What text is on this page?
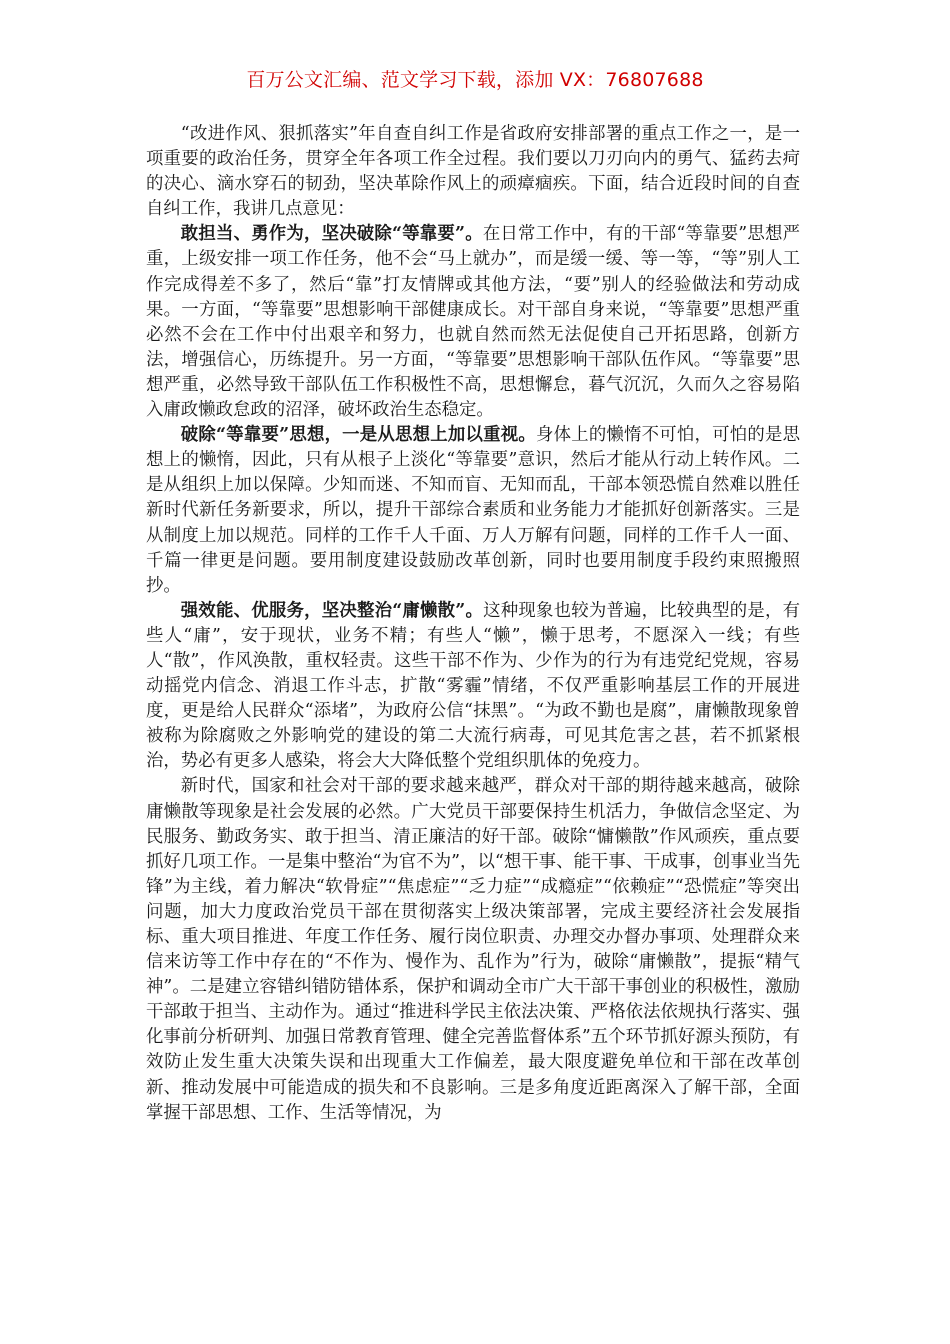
百万公文汇编、范文学习下载，添加 VX：76807688

“改进作风、狠抓落实”年自查自纠工作是省政府安排部署的重点工作之一，是一项重要的政治任务，贯穿全年各项工作全过程。我们要以刀刃向内的勇气、猛药去疴的决心、滴水穿石的韧劲，坚决革除作风上的顽瘴痼疾。下面，结合近段时间的自查自纠工作，我讲几点意见：

敢担当、勇作为，坚决破除“等靠要”。在日常工作中，有的干部“等靠要”思想严重，上级安排一项工作任务，他不会“马上就办”，而是缓一缓、等一等，“等”别人工作完成得差不多了，然后“靠”打友情牌或其他方法，“要”别人的经验做法和劳动成果。一方面，“等靠要”思想影响干部健康成长。对干部自身来说，“等靠要”思想严重必然不会在工作中付出艰辛和努力，也就自然而然无法促使自己开拓思路，创新方法，增强信心，历练提升。另一方面，“等靠要”思想影响干部队伍作风。“等靠要”思想严重，必然导致干部队伍工作积极性不高，思想懈怠，暮气沉沉，久而久之容易陷入庸政懒政怠政的沼泽，破坏政治生态稳定。

破除“等靠要”思想，一是从思想上加以重视。身体上的懒惰不可怕，可怕的是思想上的懒惰，因此，只有从根子上淡化“等靠要”意识，然后才能从行动上转作风。二是从组织上加以保障。少知而迷、不知而盲、无知而乱，干部本领恐慌自然难以胜任新时代新任务新要求，所以，提升干部综合素质和业务能力才能抓好创新落实。三是从制度上加以规范。同样的工作千人千面、万人万解有问题，同样的工作千人一面、千篇一律更是问题。要用制度建设鼓励改革创新，同时也要用制度手段约束照搬照抄。

强效能、优服务，坚决整治“庸懒散”。这种现象也较为普遍，比较典型的是，有些人“庸”，安于现状，业务不精；有些人“懒”，懒于思考，不愿深入一线；有些人“散”，作风涣散，重权轻责。这些干部不作为、少作为的行为有违党纪党规，容易动摇党内信念、消退工作斗志，扩散“雾霾”情绪，不仅严重影响基层工作的开展进度，更是给人民群众“添堵”，为政府公信“抹黑”。“为政不勤也是腐”，庸懒散现象曾被称为除腐败之外影响党的建设的第二大流行病毒，可见其危害之甚，若不抓紧根治，势必有更多人感染，将会大大降低整个党组织肌体的免疫力。

新时代，国家和社会对干部的要求越来越严，群众对干部的期待越来越高，破除庸懒散等现象是社会发展的必然。广大党员干部要保持生机活力，争做信念坚定、为民服务、勤政务实、敢于担当、清正廉洁的好干部。破除“慵懒散”作风顽疾，重点要抓好几项工作。一是集中整治“为官不为”，以“想干事、能干事、干成事，创事业当先锋”为主线，着力解决“软骨症”“焦虑症”“乏力症”“成瘾症”“依赖症”“恐慌症”等突出问题，加大力度政治党员干部在贯彻落实上级决策部署，完成主要经济社会发展指标、重大项目推进、年度工作任务、履行岗位职责、办理交办督办事项、处理群众来信来访等工作中存在的“不作为、慢作为、乱作为”行为，破除“庸懒散”，提振“精气神”。二是建立容错纠错防错体系，保护和调动全市广大干部干事创业的积极性，激励干部敢于担当、主动作为。通过“推进科学民主依法决策、严格依法依规执行落实、强化事前分析研判、加强日常教育管理、健全完善监督体系”五个环节抓好源头预防，有效防止发生重大决策失误和出现重大工作偏差，最大限度避免单位和干部在改革创新、推动发展中可能造成的损失和不良影响。三是多角度近距离深入了解干部，全面掌握干部思想、工作、生活等情况，为
